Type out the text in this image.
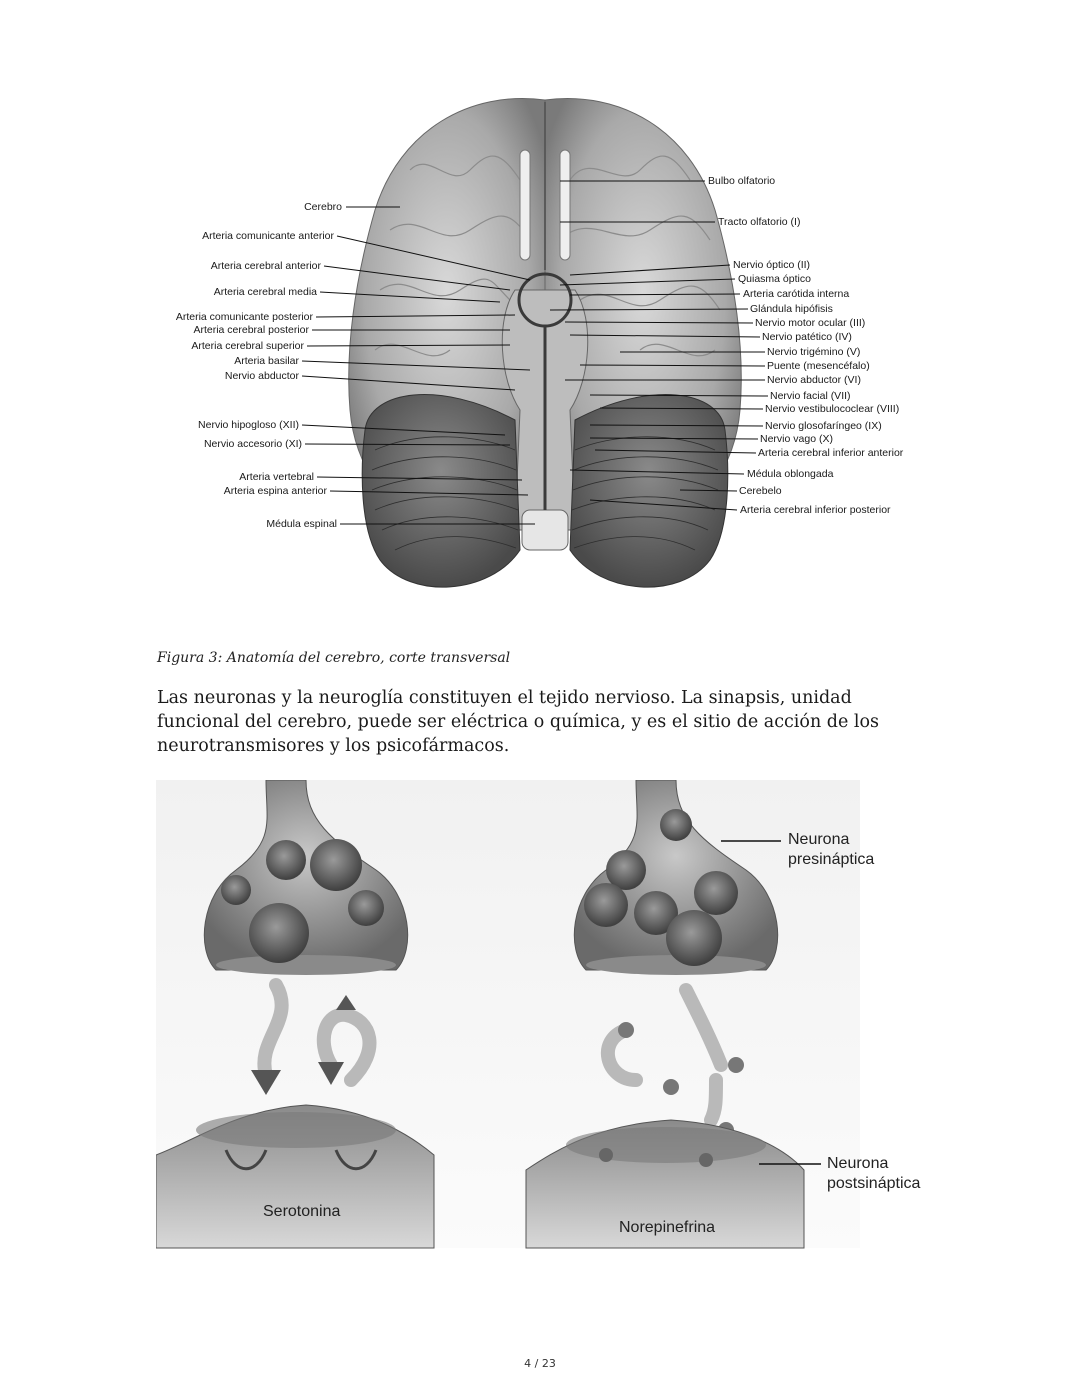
Cerebro
Arteria comunicante anterior
Arteria cerebral anterior
Arteria cerebral media
Arteria comunicante posterior
Arteria cerebral posterior
Arteria cerebral superior
Arteria basilar
Nervio abductor
Nervio hipogloso (XII)
Nervio accesorio (XI)
Arteria vertebral
Arteria espina anterior
Médula espinal
Bulbo olfatorio
Tracto olfatorio (I)
Nervio óptico (II)
Quiasma óptico
Arteria carótida interna
Glándula hipófisis
Nervio motor ocular (III)
Nervio patético (IV)
Nervio trigémino (V)
Puente (mesencéfalo)
Nervio abductor (VI)
Nervio facial (VII)
Nervio vestibulococlear (VIII)
Nervio glosofaríngeo (IX)
Nervio vago (X)
Arteria cerebral inferior anterior
Médula oblongada
Cerebelo
Arteria cerebral inferior posterior
Figura 3: Anatomía del cerebro, corte transversal
Las neuronas y la neuroglía constituyen el tejido nervioso. La sinapsis, unidad funcional del cerebro, puede ser eléctrica o química, y es el sitio de acción de los neurotransmisores y los psicofármacos.
Neurona
presináptica
Neurona
postsináptica
Serotonina
Norepinefrina
4 / 23
